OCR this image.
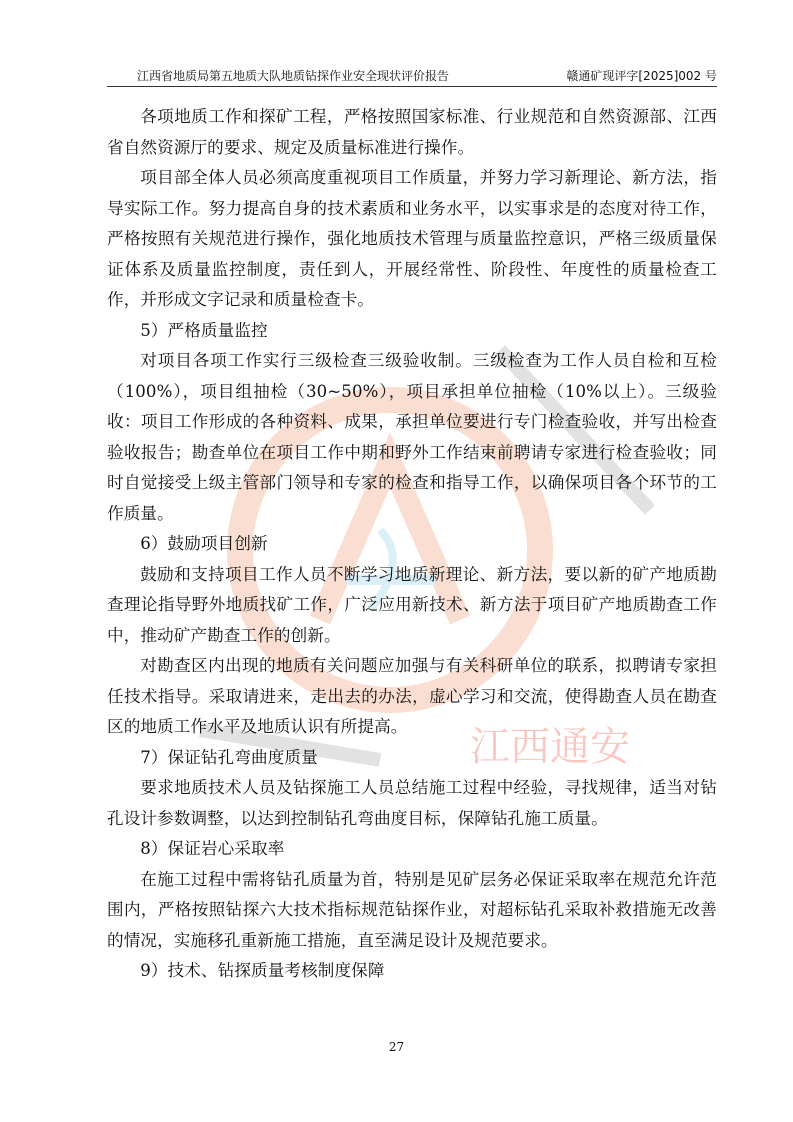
江西省地质局第五地质大队地质钻探作业安全现状评价报告	赣通矿现评字[2025]002 号
江西通安

各项地质工作和探矿工程，严格按照国家标准、行业规范和自然资源部、江西省自然资源厅的要求、规定及质量标准进行操作。

项目部全体人员必须高度重视项目工作质量，并努力学习新理论、新方法，指导实际工作。努力提高自身的技术素质和业务水平，以实事求是的态度对待工作，严格按照有关规范进行操作，强化地质技术管理与质量监控意识，严格三级质量保证体系及质量监控制度，责任到人，开展经常性、阶段性、年度性的质量检查工作，并形成文字记录和质量检查卡。

5）严格质量监控

对项目各项工作实行三级检查三级验收制。三级检查为工作人员自检和互检（100%），项目组抽检（30~50%），项目承担单位抽检（10%以上）。三级验收：项目工作形成的各种资料、成果，承担单位要进行专门检查验收，并写出检查验收报告；勘查单位在项目工作中期和野外工作结束前聘请专家进行检查验收；同时自觉接受上级主管部门领导和专家的检查和指导工作，以确保项目各个环节的工作质量。

6）鼓励项目创新

鼓励和支持项目工作人员不断学习地质新理论、新方法，要以新的矿产地质勘查理论指导野外地质找矿工作，广泛应用新技术、新方法于项目矿产地质勘查工作中，推动矿产勘查工作的创新。

对勘查区内出现的地质有关问题应加强与有关科研单位的联系，拟聘请专家担任技术指导。采取请进来，走出去的办法，虚心学习和交流，使得勘查人员在勘查区的地质工作水平及地质认识有所提高。

7）保证钻孔弯曲度质量

要求地质技术人员及钻探施工人员总结施工过程中经验，寻找规律，适当对钻孔设计参数调整，以达到控制钻孔弯曲度目标，保障钻孔施工质量。

8）保证岩心采取率

在施工过程中需将钻孔质量为首，特别是见矿层务必保证采取率在规范允许范围内，严格按照钻探六大技术指标规范钻探作业，对超标钻孔采取补救措施无改善的情况，实施移孔重新施工措施，直至满足设计及规范要求。

9）技术、钻探质量考核制度保障

27
